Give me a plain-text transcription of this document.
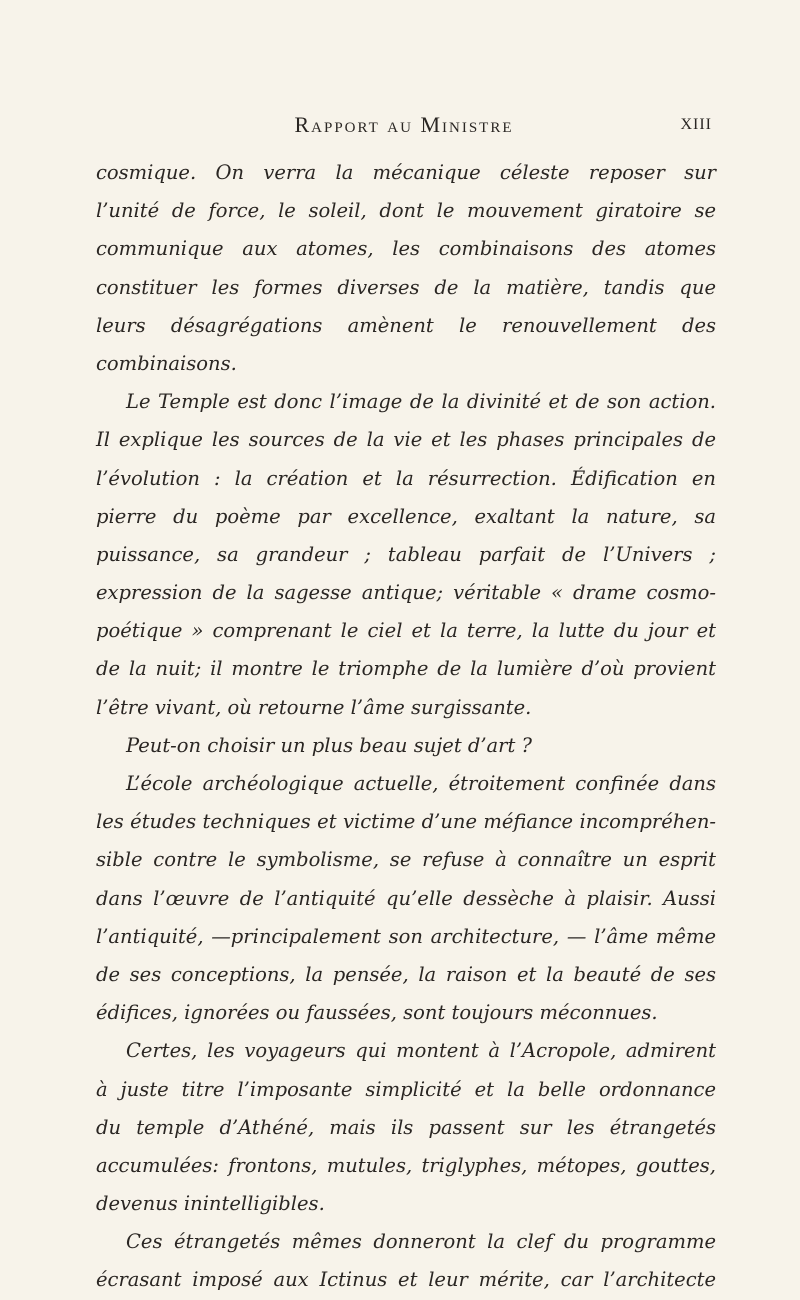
Rapport au Ministre	XIII
cosmique. On verra la mécanique céleste reposer sur
l’unité de force, le soleil, dont le mouvement giratoire se
communique aux atomes, les combinaisons des atomes
constituer les formes diverses de la matière, tandis que
leurs désagrégations amènent le renouvellement des
combinaisons.
Le Temple est donc l’image de la divinité et de son action.
Il explique les sources de la vie et les phases principales de
l’évolution : la création et la résurrection. Édification en
pierre du poème par excellence, exaltant la nature, sa
puissance, sa grandeur ; tableau parfait de l’Univers ;
expression de la sagesse antique; véritable « drame cosmo-
poétique » comprenant le ciel et la terre, la lutte du jour et
de la nuit; il montre le triomphe de la lumière d’où provient
l’être vivant, où retourne l’âme surgissante.
Peut-on choisir un plus beau sujet d’art ?
L’école archéologique actuelle, étroitement confinée dans
les études techniques et victime d’une méfiance incompréhen-
sible contre le symbolisme, se refuse à connaître un esprit
dans l’œuvre de l’antiquité qu’elle dessèche à plaisir. Aussi
l’antiquité, —principalement son architecture, — l’âme même
de ses conceptions, la pensée, la raison et la beauté de ses
édifices, ignorées ou faussées, sont toujours méconnues.
Certes, les voyageurs qui montent à l’Acropole, admirent
à juste titre l’imposante simplicité et la belle ordonnance
du temple d’Athéné, mais ils passent sur les étrangetés
accumulées: frontons, mutules, triglyphes, métopes, gouttes,
devenus inintelligibles.
Ces étrangetés mêmes donneront la clef du programme
écrasant imposé aux Ictinus et leur mérite, car l’architecte
